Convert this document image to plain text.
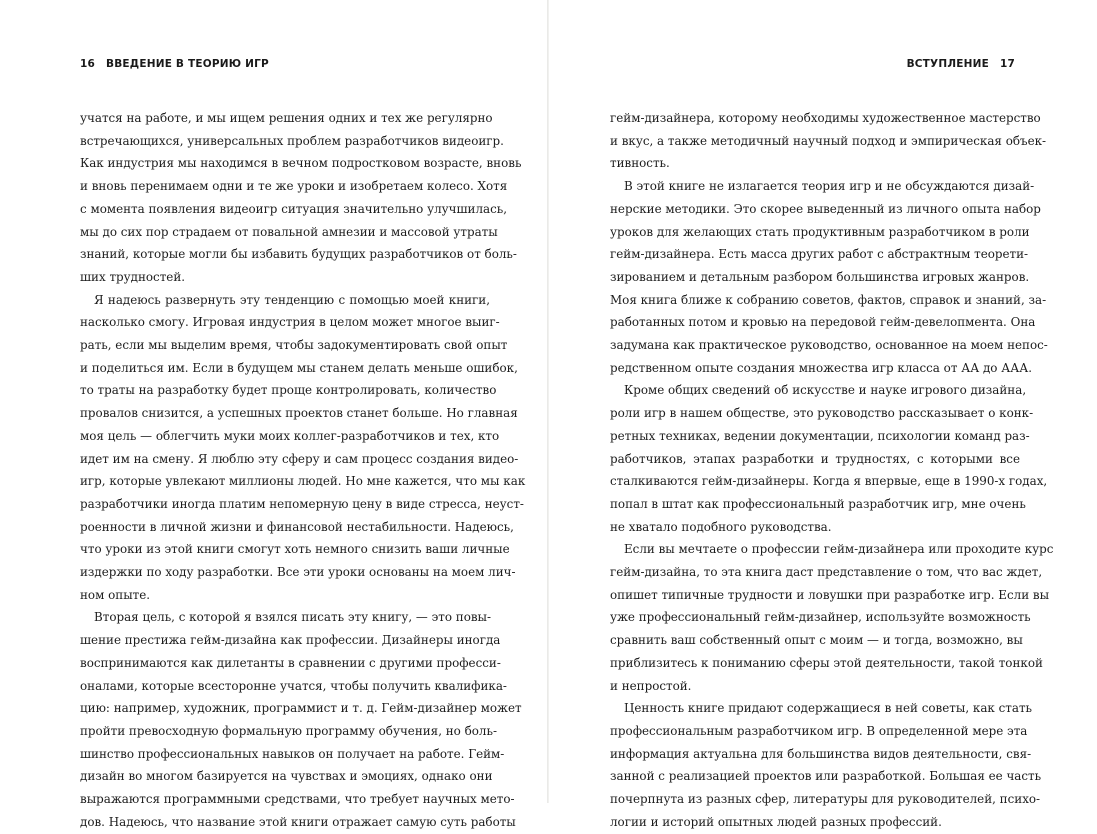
16 ВВЕДЕНИЕ В ТЕОРИЮ ИГР

учатся на работе, и мы ищем решения одних и тех же регулярно
встречающихся, универсальных проблем разработчиков видеоигр.
Как индустрия мы находимся в вечном подростковом возрасте, вновь
и вновь перенимаем одни и те же уроки и изобретаем колесо. Хотя
с момента появления видеоигр ситуация значительно улучшилась,
мы до сих пор страдаем от повальной амнезии и массовой утраты
знаний, которые могли бы избавить будущих разработчиков от боль-
ших трудностей.

Я надеюсь развернуть эту тенденцию с помощью моей книги,
насколько смогу. Игровая индустрия в целом может многое выиг-
рать, если мы выделим время, чтобы задокументировать свой опыт
и поделиться им. Если в будущем мы станем делать меньше ошибок,
то траты на разработку будет проще контролировать, количество
провалов снизится, а успешных проектов станет больше. Но главная
моя цель — облегчить муки моих коллег-разработчиков и тех, кто
идет им на смену. Я люблю эту сферу и сам процесс создания видео-
игр, которые увлекают миллионы людей. Но мне кажется, что мы как
разработчики иногда платим непомерную цену в виде стресса, неуст-
роенности в личной жизни и финансовой нестабильности. Надеюсь,
что уроки из этой книги смогут хоть немного снизить ваши личные
издержки по ходу разработки. Все эти уроки основаны на моем лич-
ном опыте.

Вторая цель, с которой я взялся писать эту книгу, — это повы-
шение престижа гейм-дизайна как профессии. Дизайнеры иногда
воспринимаются как дилетанты в сравнении с другими професси-
оналами, которые всесторонне учатся, чтобы получить квалифика-
цию: например, художник, программист и т. д. Гейм-дизайнер может
пройти превосходную формальную программу обучения, но боль-
шинство профессиональных навыков он получает на работе. Гейм-
дизайн во многом базируется на чувствах и эмоциях, однако они
выражаются программными средствами, что требует научных мето-
дов. Надеюсь, что название этой книги отражает самую суть работы

ВСТУПЛЕНИЕ 17

гейм-дизайнера, которому необходимы художественное мастерство
и вкус, а также методичный научный подход и эмпирическая объек-
тивность.

В этой книге не излагается теория игр и не обсуждаются дизай-
нерские методики. Это скорее выведенный из личного опыта набор
уроков для желающих стать продуктивным разработчиком в роли
гейм-дизайнера. Есть масса других работ с абстрактным теорети-
зированием и детальным разбором большинства игровых жанров.
Моя книга ближе к собранию советов, фактов, справок и знаний, за-
работанных потом и кровью на передовой гейм-девелопмента. Она
задумана как практическое руководство, основанное на моем непос-
редственном опыте создания множества игр класса от АА до ААА.

Кроме общих сведений об искусстве и науке игрового дизайна,
роли игр в нашем обществе, это руководство рассказывает о конк-
ретных техниках, ведении документации, психологии команд раз-
работчиков, этапах разработки и трудностях, с которыми все
сталкиваются гейм-дизайнеры. Когда я впервые, еще в 1990-х годах,
попал в штат как профессиональный разработчик игр, мне очень
не хватало подобного руководства.

Если вы мечтаете о профессии гейм-дизайнера или проходите курс
гейм-дизайна, то эта книга даст представление о том, что вас ждет,
опишет типичные трудности и ловушки при разработке игр. Если вы
уже профессиональный гейм-дизайнер, используйте возможность
сравнить ваш собственный опыт с моим — и тогда, возможно, вы
приблизитесь к пониманию сферы этой деятельности, такой тонкой
и непростой.

Ценность книге придают содержащиеся в ней советы, как стать
профессиональным разработчиком игр. В определенной мере эта
информация актуальна для большинства видов деятельности, свя-
занной с реализацией проектов или разработкой. Большая ее часть
почерпнута из разных сфер, литературы для руководителей, психо-
логии и историй опытных людей разных профессий.
